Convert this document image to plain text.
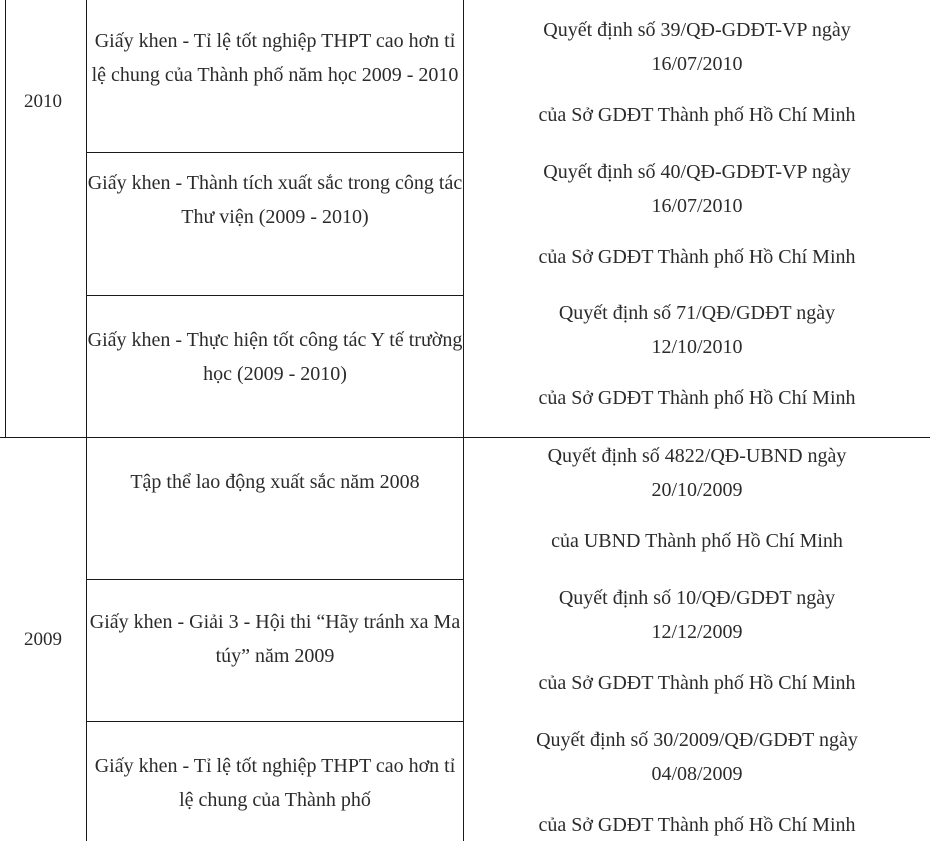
2010
Giấy khen - Tỉ lệ tốt nghiệp THPT cao hơn tỉ lệ chung của Thành phố năm học 2009 - 2010
Quyết định số 39/QĐ-GDĐT-VP ngày
16/07/2010
của Sở GDĐT Thành phố Hồ Chí Minh
Giấy khen - Thành tích xuất sắc trong công tác Thư viện (2009 - 2010)
Quyết định số 40/QĐ-GDĐT-VP ngày
16/07/2010
của Sở GDĐT Thành phố Hồ Chí Minh
Giấy khen - Thực hiện tốt công tác Y tế trường học (2009 - 2010)
Quyết định số 71/QĐ/GDĐT ngày
12/10/2010
của Sở GDĐT Thành phố Hồ Chí Minh
2009
Tập thể lao động xuất sắc năm 2008
Quyết định số 4822/QĐ-UBND ngày
20/10/2009
của UBND Thành phố Hồ Chí Minh
Giấy khen - Giải 3 - Hội thi “Hãy tránh xa Ma túy” năm 2009
Quyết định số 10/QĐ/GDĐT ngày
12/12/2009
của Sở GDĐT Thành phố Hồ Chí Minh
Giấy khen - Tỉ lệ tốt nghiệp THPT cao hơn tỉ lệ chung của Thành phố
Quyết định số 30/2009/QĐ/GDĐT ngày
04/08/2009
của Sở GDĐT Thành phố Hồ Chí Minh
